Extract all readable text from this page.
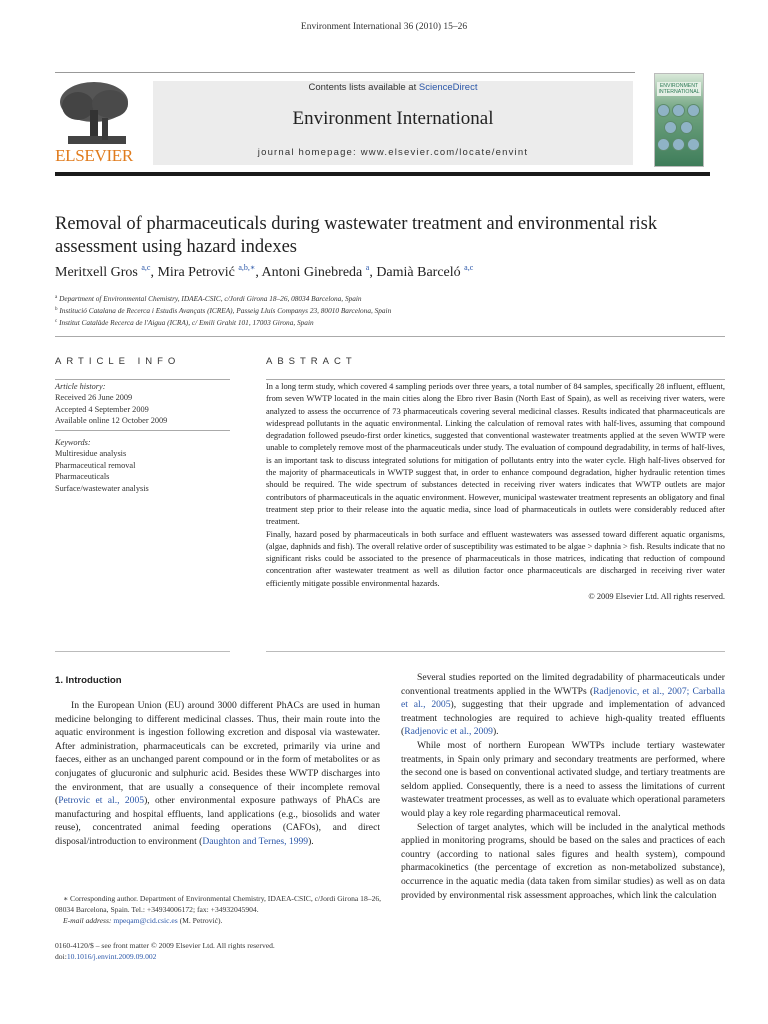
Environment International 36 (2010) 15–26
ELSEVIER
Contents lists available at ScienceDirect
Environment International
journal homepage: www.elsevier.com/locate/envint
ENVIRONMENT INTERNATIONAL
Removal of pharmaceuticals during wastewater treatment and environmental risk assessment using hazard indexes
Meritxell Gros $^{a,c}$, Mira Petrović $^{a,b,∗}$, Antoni Ginebreda $^a$, Damià Barceló $^{a,c}$
$^a$ Department of Environmental Chemistry, IDAEA-CSIC, c/Jordi Girona 18–26, 08034 Barcelona, Spain
$^b$ Institució Catalana de Recerca i Estudis Avançats (ICREA), Passeig Lluís Companys 23, 80010 Barcelona, Spain
$^c$ Institut Catalàde Recerca de l'Aigua (ICRA), c/ Emili Grahit 101, 17003 Girona, Spain
ARTICLE INFO	ABSTRACT
Article history:
Received 26 June 2009
Accepted 4 September 2009
Available online 12 October 2009
Keywords:
Multiresidue analysis
Pharmaceutical removal
Pharmaceuticals
Surface/wastewater analysis

In a long term study, which covered 4 sampling periods over three years, a total number of 84 samples, specifically 28 influent, effluent, from seven WWTP located in the main cities along the Ebro river Basin (North East of Spain), as well as receiving river waters, were analyzed to assess the occurrence of 73 pharmaceuticals covering several medicinal classes. Results indicated that pharmaceuticals are widespread pollutants in the aquatic environmental. Linking the calculation of removal rates with half-lives, assuming that compound degradation followed pseudo-first order kinetics, suggested that conventional wastewater treatments applied at the seven WWTP were unable to completely remove most of the pharmaceuticals under study. The evaluation of compound degradability, in terms of half-lives, is an important task to discuss integrated solutions for mitigation of pollutants entry into the water cycle. High half-lives observed for the majority of pharmaceuticals in WWTP suggest that, in order to enhance compound degradation, higher hydraulic retention times should be required. The wide spectrum of substances detected in receiving river waters indicates that WWTP outlets are major contributors of pharmaceuticals in the aquatic environment. However, municipal wastewater treatment represents an obligatory and final treatment step prior to their release into the aquatic media, since load of pharmaceuticals in outlets were considerably reduced after treatment.

Finally, hazard posed by pharmaceuticals in both surface and effluent wastewaters was assessed toward different aquatic organisms, (algae, daphnids and fish). The overall relative order of susceptibility was estimated to be algae > daphnia > fish. Results indicate that no significant risks could be associated to the presence of pharmaceuticals in those matrices, indicating that reduction of compound concentration after wastewater treatment as well as dilution factor once pharmaceuticals are discharged in receiving river water efficiently mitigate possible environmental hazards.

© 2009 Elsevier Ltd. All rights reserved.
1. Introduction

In the European Union (EU) around 3000 different PhACs are used in human medicine belonging to different medicinal classes. Thus, their main route into the aquatic environment is ingestion following excretion and disposal via wastewater. After administration, pharmaceuticals can be excreted, primarily via urine and faeces, either as an unchanged parent compound or in the form of metabolites or as conjugates of glucuronic and sulphuric acid. Besides these WWTP discharges into the environment, that are usually a consequence of their incomplete removal (Petrovic et al., 2005), other environmental exposure pathways of PhACs are manufacturing and hospital effluents, land applications (e.g., biosolids and water reuse), concentrated animal feeding operations (CAFOs), and direct disposal/introduction to environment (Daughton and Ternes, 1999).

Several studies reported on the limited degradability of pharmaceuticals under conventional treatments applied in the WWTPs (Radjenovic, et al., 2007; Carballa et al., 2005), suggesting that their upgrade and implementation of advanced treatment technologies are required to achieve high-quality treated effluents (Radjenovic et al., 2009).

While most of northern European WWTPs include tertiary wastewater treatments, in Spain only primary and secondary treatments are performed, where the second one is based on conventional activated sludge, and tertiary treatments are seldom applied. Consequently, there is a need to assess the limitations of current wastewater treatment processes, as well as to evaluate which operational parameters would play a key role regarding pharmaceutical removal.

Selection of target analytes, which will be included in the analytical methods applied in monitoring programs, should be based on the sales and practices of each country (according to national sales figures and health system), compound pharmacokinetics (the percentage of excretion as non-metabolized substance), occurrence in the aquatic media (data taken from similar studies) as well as on data provided by environmental risk assessment approaches, which link the calculation

∗ Corresponding author. Department of Environmental Chemistry, IDAEA-CSIC, c/Jordi Girona 18–26, 08034 Barcelona, Spain. Tel.: +34934006172; fax: +34932045904.
E-mail address: mpeqam@cid.csic.es (M. Petrović).
0160-4120/$ – see front matter © 2009 Elsevier Ltd. All rights reserved.
doi:10.1016/j.envint.2009.09.002
